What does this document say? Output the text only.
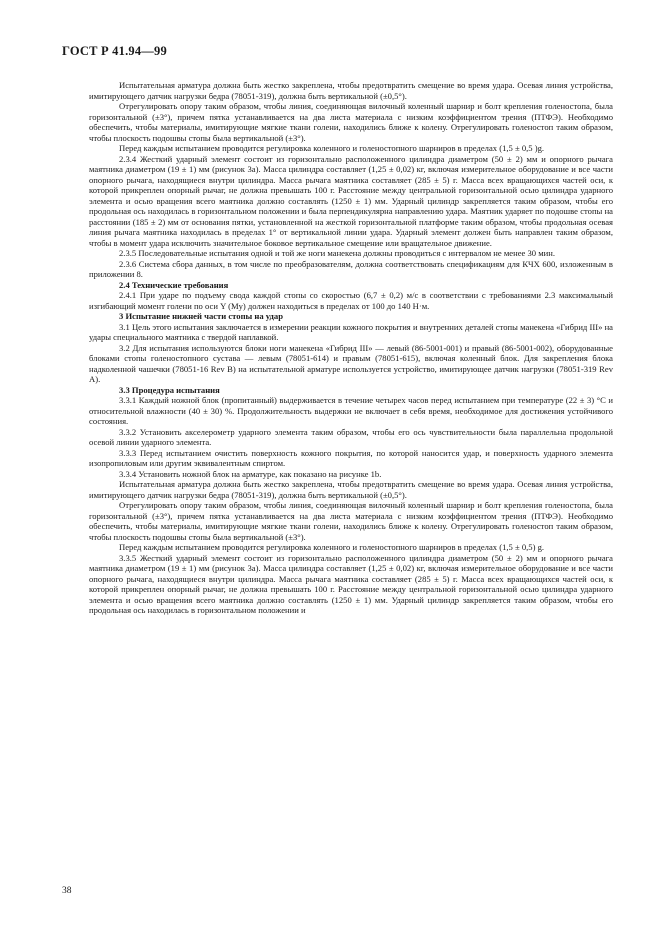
ГОСТ Р 41.94—99

Испытательная арматура должна быть жестко закреплена, чтобы предотвратить смещение во время удара. Осевая линия устройства, имитирующего датчик нагрузки бедра (78051-319), должна быть вертикальной (±0,5°).

Отрегулировать опору таким образом, чтобы линия, соединяющая вилочный коленный шарнир и болт крепления голеностопа, была горизонтальной (±3°), причем пятка устанавливается на два листа материала с низким коэффициентом трения (ПТФЭ). Необходимо обеспечить, чтобы материалы, имитирующие мягкие ткани голени, находились ближе к колену. Отрегулировать голеностоп таким образом, чтобы плоскость подошвы стопы была вертикальной (±3°).

Перед каждым испытанием проводится регулировка коленного и голеностопного шарниров в пределах (1,5 ± 0,5 )g.

2.3.4 Жесткий ударный элемент состоит из горизонтально расположенного цилиндра диаметром (50 ± 2) мм и опорного рычага маятника диаметром (19 ± 1) мм (рисунок 3а). Масса цилиндра составляет (1,25 ± 0,02) кг, включая измерительное оборудование и все части опорного рычага, находящиеся внутри цилиндра. Масса рычага маятника составляет (285 ± 5) г. Масса всех вращающихся частей оси, к которой прикреплен опорный рычаг, не должна превышать 100 г. Расстояние между центральной горизонтальной осью цилиндра ударного элемента и осью вращения всего маятника должно составлять (1250 ± 1) мм. Ударный цилиндр закрепляется таким образом, чтобы его продольная ось находилась в горизонтальном положении и была перпендикулярна направлению удара. Маятник ударяет по подошве стопы на расстоянии (185 ± 2) мм от основания пятки, установленной на жесткой горизонтальной платформе таким образом, чтобы продольная осевая линия рычага маятника находилась в пределах 1° от вертикальной линии удара. Ударный элемент должен быть направлен таким образом, чтобы в момент удара исключить значительное боковое вертикальное смещение или вращательное движение.

2.3.5 Последовательные испытания одной и той же ноги манекена должны проводиться с интервалом не менее 30 мин.

2.3.6 Система сбора данных, в том числе по преобразователям, должна соответствовать спецификациям для КЧХ 600, изложенным в приложении 8.

2.4 Технические требования

2.4.1 При ударе по подъему свода каждой стопы со скоростью (6,7 ± 0,2) м/с в соответствии с требованиями 2.3 максимальный изгибающий момент голени по оси Y (Mу) должен находиться в пределах от 100 до 140 Н·м.

3 Испытание нижней части стопы на удар

3.1 Цель этого испытания заключается в измерении реакции кожного покрытия и внутренних деталей стопы манекена «Гибрид III» на удары специального маятника с твердой наплавкой.

3.2 Для испытания используются блоки ноги манекена «Гибрид III» — левый (86-5001-001) и правый (86-5001-002), оборудованные блоками стопы голеностопного сустава — левым (78051-614) и правым (78051-615), включая коленный блок. Для закрепления блока надколенной чашечки (78051-16 Rev B) на испытательной арматуре используется устройство, имитирующее датчик нагрузки (78051-319 Rev A).

3.3 Процедура испытания

3.3.1 Каждый ножной блок (пропитанный) выдерживается в течение четырех часов перед испытанием при температуре (22 ± 3) °С и относительной влажности (40 ± 30) %. Продолжительность выдержки не включает в себя время, необходимое для достижения устойчивого состояния.

3.3.2 Установить акселерометр ударного элемента таким образом, чтобы его ось чувствительности была параллельна продольной осевой линии ударного элемента.

3.3.3 Перед испытанием очистить поверхность кожного покрытия, по которой наносится удар, и поверхность ударного элемента изопропиловым или другим эквивалентным спиртом.

3.3.4 Установить ножной блок на арматуре, как показано на рисунке 1b.

Испытательная арматура должна быть жестко закреплена, чтобы предотвратить смещение во время удара. Осевая линия устройства, имитирующего датчик нагрузки бедра (78051-319), должна быть вертикальной (±0,5°).

Отрегулировать опору таким образом, чтобы линия, соединяющая вилочный коленный шарнир и болт крепления голеностопа, была горизонтальной (±3°), причем пятка устанавливается на два листа материала с низким коэффициентом трения (ПТФЭ). Необходимо обеспечить, чтобы материалы, имитирующие мягкие ткани голени, находились ближе к колену. Отрегулировать голеностоп таким образом, чтобы плоскость подошвы стопы была вертикальной (±3°).

Перед каждым испытанием проводится регулировка коленного и голеностопного шарниров в пределах (1,5 ± 0,5) g.

3.3.5 Жесткий ударный элемент состоит из горизонтально расположенного цилиндра диаметром (50 ± 2) мм и опорного рычага маятника диаметром (19 ± 1) мм (рисунок 3а). Масса цилиндра составляет (1,25 ± 0,02) кг, включая измерительное оборудование и все части опорного рычага, находящиеся внутри цилиндра. Масса рычага маятника составляет (285 ± 5) г. Масса всех вращающихся частей оси, к которой прикреплен опорный рычаг, не должна превышать 100 г. Расстояние между центральной горизонтальной осью цилиндра ударного элемента и осью вращения всего маятника должно составлять (1250 ± 1) мм. Ударный цилиндр закрепляется таким образом, чтобы его продольная ось находилась в горизонтальном положении и

38
